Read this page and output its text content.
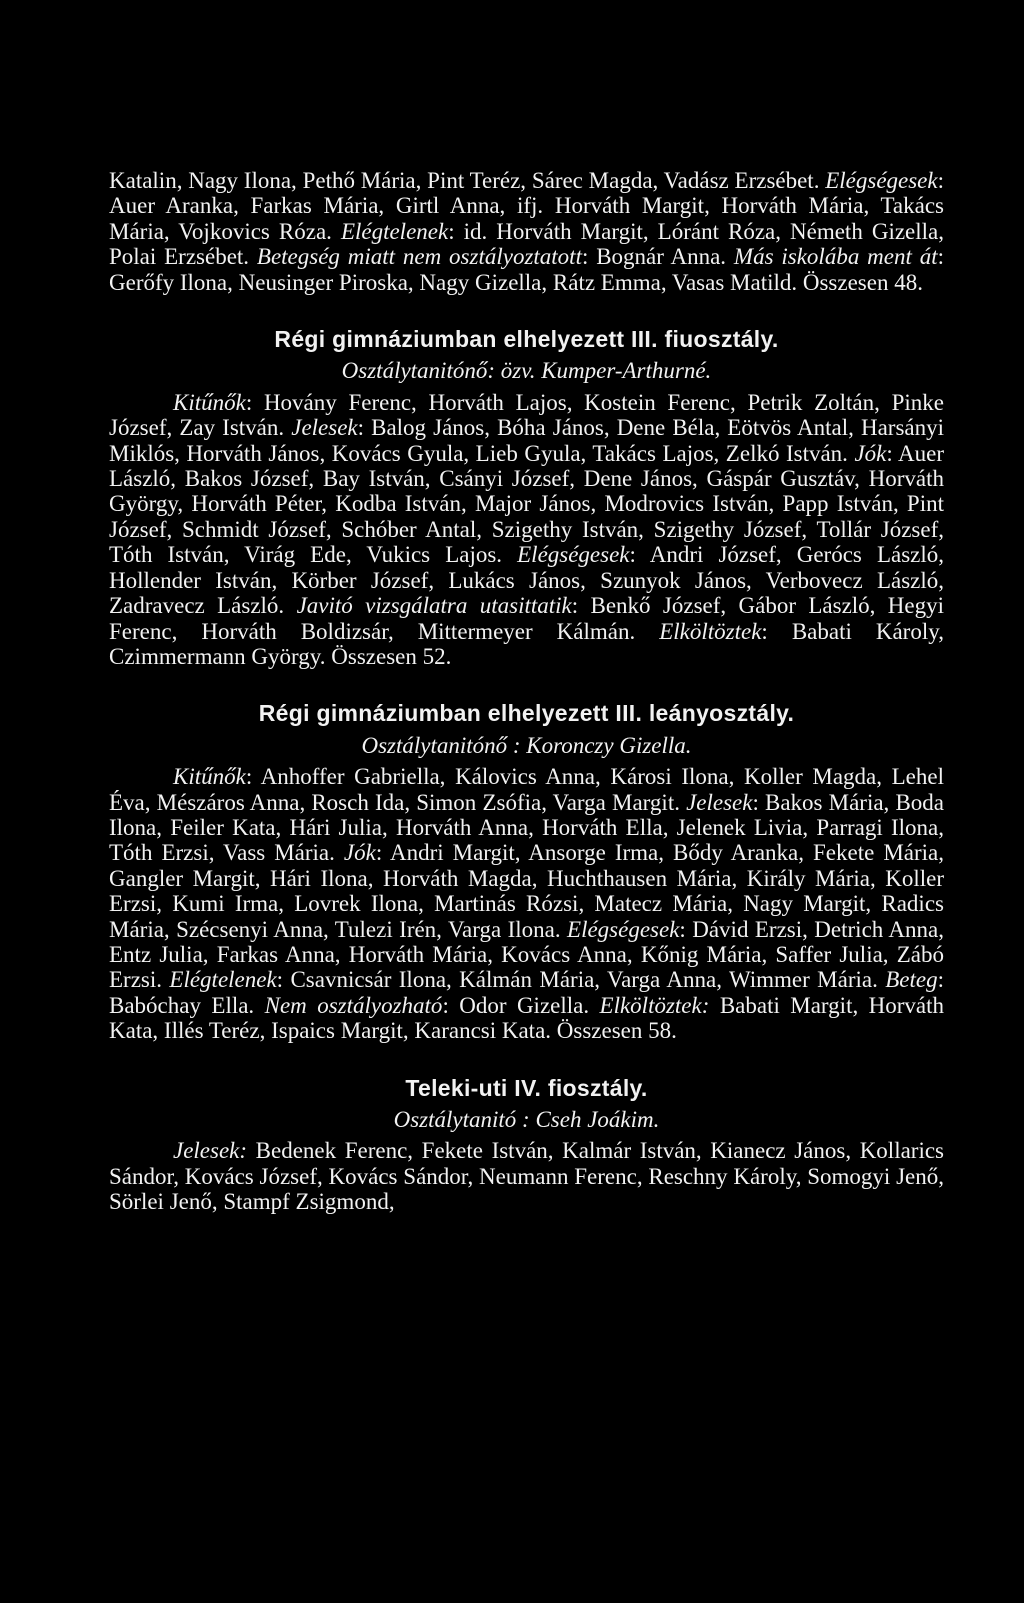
Katalin, Nagy Ilona, Pethő Mária, Pint Teréz, Sárec Magda, Vadász Erzsébet. Elégségesek: Auer Aranka, Farkas Mária, Girtl Anna, ifj. Horváth Margit, Horváth Mária, Takács Mária, Vojkovics Róza. Elégtelenek: id. Horváth Margit, Lóránt Róza, Németh Gizella, Polai Erzsébet. Betegség miatt nem osztályoztatott: Bognár Anna. Más iskolába ment át: Gerőfy Ilona, Neusinger Piroska, Nagy Gizella, Rátz Emma, Vasas Matild. Összesen 48.

Régi gimnáziumban elhelyezett III. fiuosztály.
Osztálytanitónő: özv. Kumper-Arthurné.

Kitűnők: Hovány Ferenc, Horváth Lajos, Kostein Ferenc, Petrik Zoltán, Pinke József, Zay István. Jelesek: Balog János, Bóha János, Dene Béla, Eötvös Antal, Harsányi Miklós, Horváth János, Kovács Gyula, Lieb Gyula, Takács Lajos, Zelkó István. Jók: Auer László, Bakos József, Bay István, Csányi József, Dene János, Gáspár Gusztáv, Horváth György, Horváth Péter, Kodba István, Major János, Modrovics István, Papp István, Pint József, Schmidt József, Schóber Antal, Szigethy István, Szigethy József, Tollár József, Tóth István, Virág Ede, Vukics Lajos. Elégségesek: Andri József, Gerócs László, Hollender István, Körber József, Lukács János, Szunyok János, Verbovecz László, Zadravecz László. Javitó vizsgálatra utasittatik: Benkő József, Gábor László, Hegyi Ferenc, Horváth Boldizsár, Mittermeyer Kálmán. Elköltöztek: Babati Károly, Czimmermann György. Összesen 52.

Régi gimnáziumban elhelyezett III. leányosztály.
Osztálytanitónő : Koronczy Gizella.

Kitűnők: Anhoffer Gabriella, Kálovics Anna, Károsi Ilona, Koller Magda, Lehel Éva, Mészáros Anna, Rosch Ida, Simon Zsófia, Varga Margit. Jelesek: Bakos Mária, Boda Ilona, Feiler Kata, Hári Julia, Horváth Anna, Horváth Ella, Jelenek Livia, Parragi Ilona, Tóth Erzsi, Vass Mária. Jók: Andri Margit, Ansorge Irma, Bődy Aranka, Fekete Mária, Gangler Margit, Hári Ilona, Horváth Magda, Huchthausen Mária, Király Mária, Koller Erzsi, Kumi Irma, Lovrek Ilona, Martinás Rózsi, Matecz Mária, Nagy Margit, Radics Mária, Szécsenyi Anna, Tulezi Irén, Varga Ilona. Elégségesek: Dávid Erzsi, Detrich Anna, Entz Julia, Farkas Anna, Horváth Mária, Kovács Anna, Kőnig Mária, Saffer Julia, Zábó Erzsi. Elégtelenek: Csavnicsár Ilona, Kálmán Mária, Varga Anna, Wimmer Mária. Beteg: Babóchay Ella. Nem osztályozható: Odor Gizella. Elköltöztek: Babati Margit, Horváth Kata, Illés Teréz, Ispaics Margit, Karancsi Kata. Összesen 58.

Teleki-uti IV. fiosztály.
Osztálytanitó : Cseh Joákim.

Jelesek: Bedenek Ferenc, Fekete István, Kalmár István, Kianecz János, Kollarics Sándor, Kovács József, Kovács Sándor, Neumann Ferenc, Reschny Károly, Somogyi Jenő, Sörlei Jenő, Stampf Zsigmond,
